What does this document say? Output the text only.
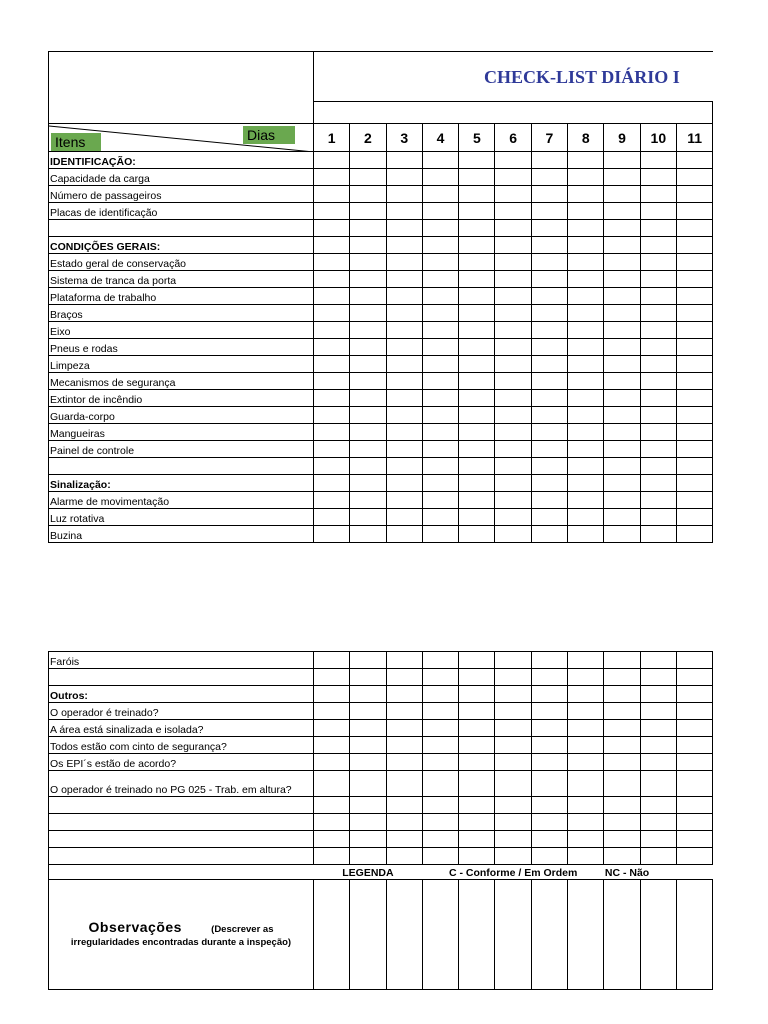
	CHECK-LIST DIÁRIO I										

Itens Dias	1	2	3	4	5	6	7	8	9	10	11
IDENTIFICAÇÃO:											
Capacidade da carga											
Número de passageiros											
Placas de identificação											

CONDIÇÕES GERAIS:											
Estado geral de conservação											
Sistema de tranca da porta											
Plataforma de trabalho											
Braços											
Eixo											
Pneus e rodas											
Limpeza											
Mecanismos de segurança											
Extintor de incêndio											
Guarda-corpo											
Mangueiras											
Painel de controle											

Sinalização:											
Alarme de movimentação											
Luz rotativa											
Buzina											
Faróis											

Outros:											
O operador é treinado?											
A área está sinalizada e isolada?											
Todos estão com cinto de segurança?											
Os EPI´s estão de acordo?											
O operador é treinado no PG 025 - Trab. em altura?											

	LEGENDA			C - Conforme / Em Ordem					NC - Não		
Observações (Descrever as
irregularidades encontradas durante a inspeção)											
